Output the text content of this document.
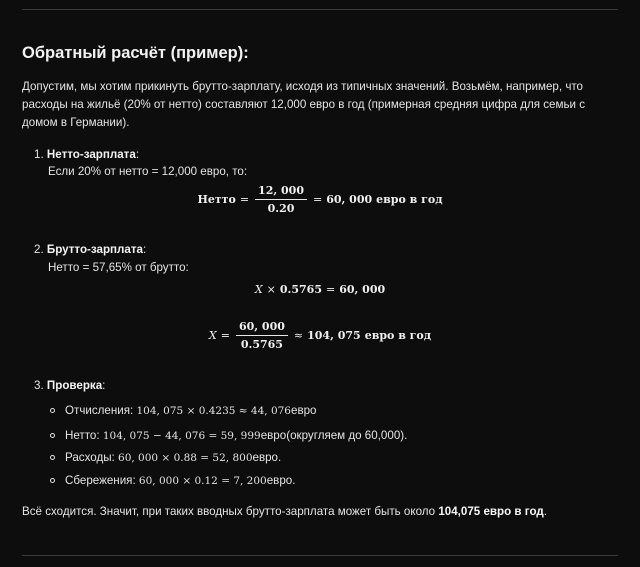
Обратный расчёт (пример):
Допустим, мы хотим прикинуть брутто-зарплату, исходя из типичных значений. Возьмём, например, что расходы на жильё (20% от нетто) составляют 12,000 евро в год (примерная средняя цифра для семьи с домом в Германии).
1. Нетто-зарплата:
Если 20% от нетто = 12,000 евро, то:
Нетто = $\frac{12, 000}{0.20} = 60$, 000 евро в год
2. Брутто-зарплата:
Нетто = 57,65% от брутто:
X × 0.5765 = 60, 000
$X = \frac{60, 000}{0.5765} \approx 104$, 075 евро в год
3. Проверка:
Отчисления:
104, 075 × 0.4235 ≈ 44, 076 евро
Нетто:
104, 075 − 44, 076 = 59, 999 евро (округляем до 60,000).
Расходы:
60, 000 × 0.88 = 52, 800 евро .
Сбережения:
60, 000 × 0.12 = 7, 200 евро .
Всё сходится. Значит, при таких вводных брутто-зарплата может быть около 104,075 евро в год.
